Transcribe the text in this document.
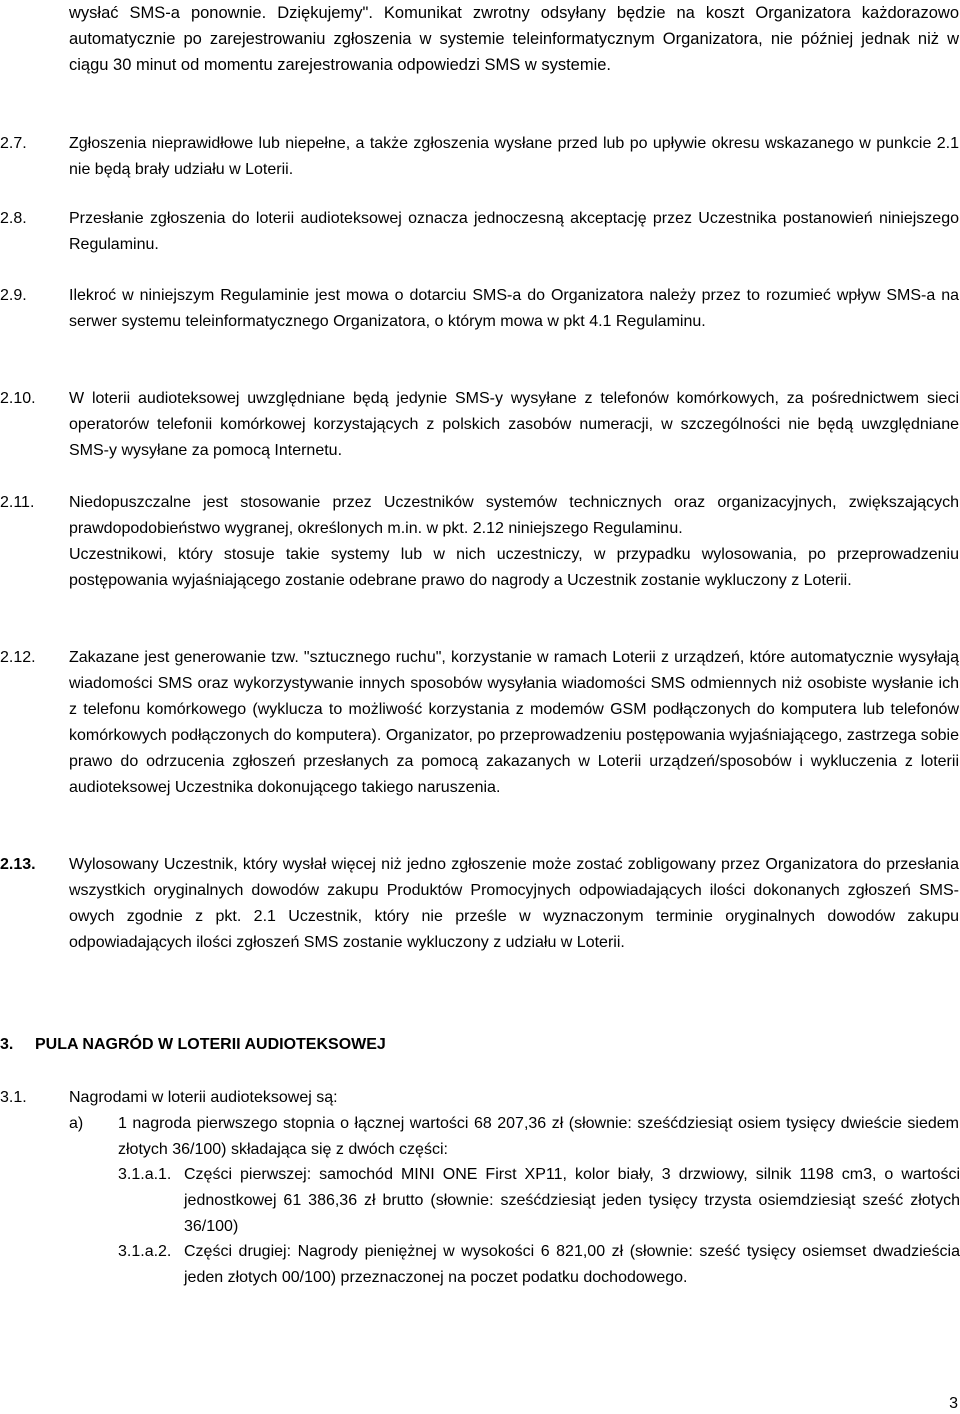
wysłać SMS-a ponownie. Dziękujemy". Komunikat zwrotny odsyłany będzie na koszt Organizatora każdorazowo automatycznie po zarejestrowaniu zgłoszenia w systemie teleinformatycznym Organizatora, nie później jednak niż w ciągu 30 minut od momentu zarejestrowania odpowiedzi SMS w systemie.
2.7.	Zgłoszenia nieprawidłowe lub niepełne, a także zgłoszenia wysłane przed lub po upływie okresu wskazanego w punkcie 2.1 nie będą brały udziału w Loterii.

2.8.	Przesłanie zgłoszenia do loterii audioteksowej oznacza jednoczesną akceptację przez Uczestnika postanowień niniejszego Regulaminu.

2.9.	Ilekroć w niniejszym Regulaminie jest mowa o dotarciu SMS-a do Organizatora należy przez to rozumieć wpływ SMS-a na serwer systemu teleinformatycznego Organizatora, o którym mowa w pkt 4.1 Regulaminu.

2.10. W loterii audioteksowej uwzględniane będą jedynie SMS-y wysyłane z telefonów komórkowych, za pośrednictwem sieci operatorów telefonii komórkowej korzystających z polskich zasobów numeracji, w szczególności nie będą uwzględniane SMS-y wysyłane za pomocą Internetu.

2.11. Niedopuszczalne jest stosowanie przez Uczestników systemów technicznych oraz organizacyjnych, zwiększających prawdopodobieństwo wygranej, określonych m.in. w pkt. 2.12 niniejszego Regulaminu.

Uczestnikowi, który stosuje takie systemy lub w nich uczestniczy, w przypadku wylosowania, po przeprowadzeniu postępowania wyjaśniającego zostanie odebrane prawo do nagrody a Uczestnik zostanie wykluczony z Loterii.

2.12. Zakazane jest generowanie tzw. "sztucznego ruchu", korzystanie w ramach Loterii z urządzeń, które automatycznie wysyłają wiadomości SMS oraz wykorzystywanie innych sposobów wysyłania wiadomości SMS odmiennych niż osobiste wysłanie ich z telefonu komórkowego (wyklucza to możliwość korzystania z modemów GSM podłączonych do komputera lub telefonów komórkowych podłączonych do komputera). Organizator, po przeprowadzeniu postępowania wyjaśniającego, zastrzega sobie prawo do odrzucenia zgłoszeń przesłanych za pomocą zakazanych w Loterii urządzeń/sposobów i wykluczenia z loterii audioteksowej Uczestnika dokonującego takiego naruszenia.

2.13. Wylosowany Uczestnik, który wysłał więcej niż jedno zgłoszenie może zostać zobligowany przez Organizatora do przesłania wszystkich oryginalnych dowodów zakupu Produktów Promocyjnych odpowiadających ilości dokonanych zgłoszeń SMS-owych zgodnie z pkt. 2.1 Uczestnik, który nie prześle w wyznaczonym terminie oryginalnych dowodów zakupu odpowiadających ilości zgłoszeń SMS zostanie wykluczony z udziału w Loterii.

3. PULA NAGRÓD W LOTERII AUDIOTEKSOWEJ
3.1.	Nagrodami w loterii audioteksowej są:

a) 1 nagroda pierwszego stopnia o łącznej wartości 68 207,36 zł (słownie: sześćdziesiąt osiem tysięcy dwieście siedem złotych 36/100) składająca się z dwóch części:
3.1.a.1. Części pierwszej: samochód MINI ONE First XP11, kolor biały, 3 drzwiowy, silnik 1198 cm3, o wartości jednostkowej 61 386,36 zł brutto (słownie: sześćdziesiąt jeden tysięcy trzysta osiemdziesiąt sześć złotych 36/100)
3.1.a.2. Części drugiej: Nagrody pieniężnej w wysokości 6 821,00 zł (słownie: sześć tysięcy osiemset dwadzieścia jeden złotych 00/100) przeznaczonej na poczet podatku dochodowego.
3
